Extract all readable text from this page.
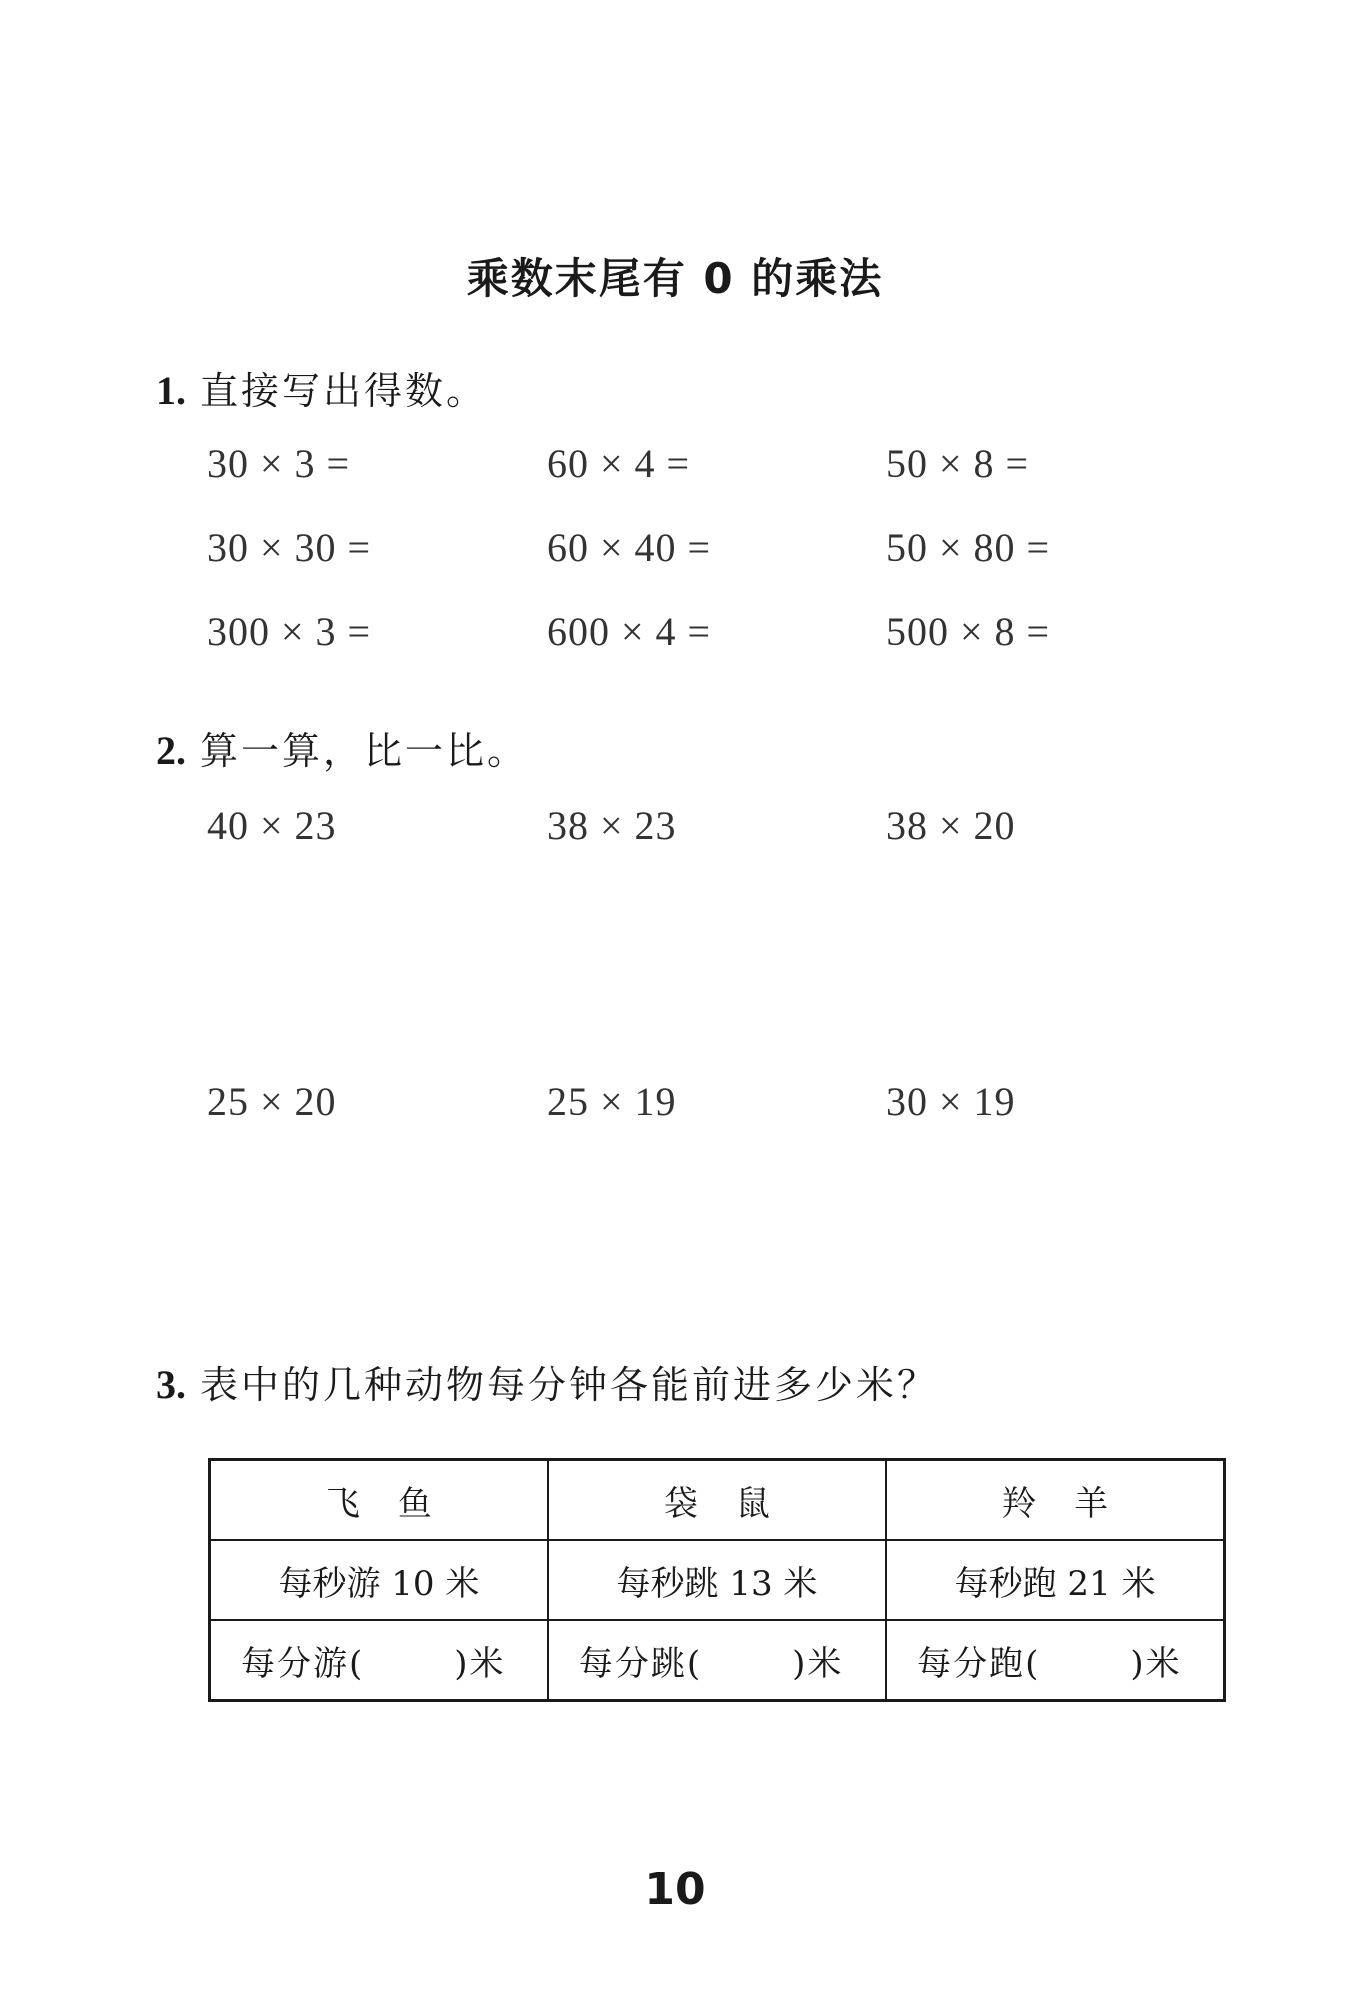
乘数末尾有 0 的乘法
1. 直接写出得数。
30 × 3 =	60 × 4 =	50 × 8 =
30 × 30 =	60 × 40 =	50 × 80 =
300 × 3 =	600 × 4 =	500 × 8 =
2. 算一算，比一比。
40 × 23	38 × 23	38 × 20
25 × 20	25 × 19	30 × 19
3. 表中的几种动物每分钟各能前进多少米？
飞鱼	袋鼠	羚羊
每秒游 10 米	每秒跳 13 米	每秒跑 21 米
每分游( )米	每分跳( )米	每分跑( )米
10
